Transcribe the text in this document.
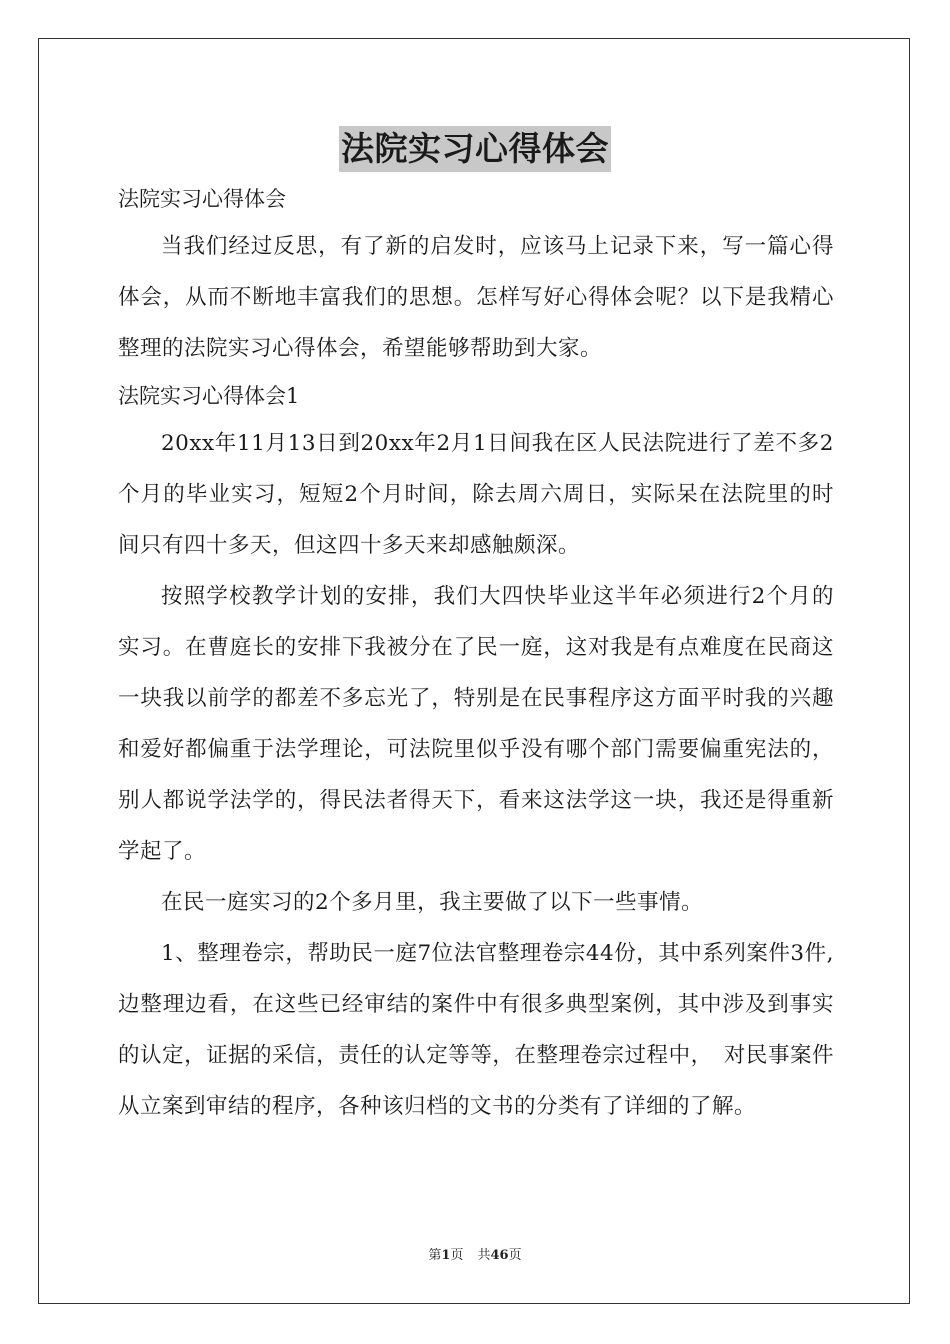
法院实习心得体会

法院实习心得体会

当我们经过反思，有了新的启发时，应该马上记录下来，写一篇心得体会，从而不断地丰富我们的思想。怎样写好心得体会呢？以下是我精心整理的法院实习心得体会，希望能够帮助到大家。

法院实习心得体会1

20xx年11月13日到20xx年2月1日间我在区人民法院进行了差不多2个月的毕业实习，短短2个月时间，除去周六周日，实际呆在法院里的时间只有四十多天，但这四十多天来却感触颇深。

按照学校教学计划的安排，我们大四快毕业这半年必须进行2个月的实习。在曹庭长的安排下我被分在了民一庭，这对我是有点难度在民商这一块我以前学的都差不多忘光了，特别是在民事程序这方面平时我的兴趣和爱好都偏重于法学理论，可法院里似乎没有哪个部门需要偏重宪法的，别人都说学法学的，得民法者得天下，看来这法学这一块，我还是得重新学起了。

在民一庭实习的2个多月里，我主要做了以下一些事情。

1、整理卷宗，帮助民一庭7位法官整理卷宗44份，其中系列案件3件,边整理边看，在这些已经审结的案件中有很多典型案例，其中涉及到事实的认定，证据的采信，责任的认定等等，在整理卷宗过程中，　对民事案件从立案到审结的程序，各种该归档的文书的分类有了详细的了解。

第1页 共46页
